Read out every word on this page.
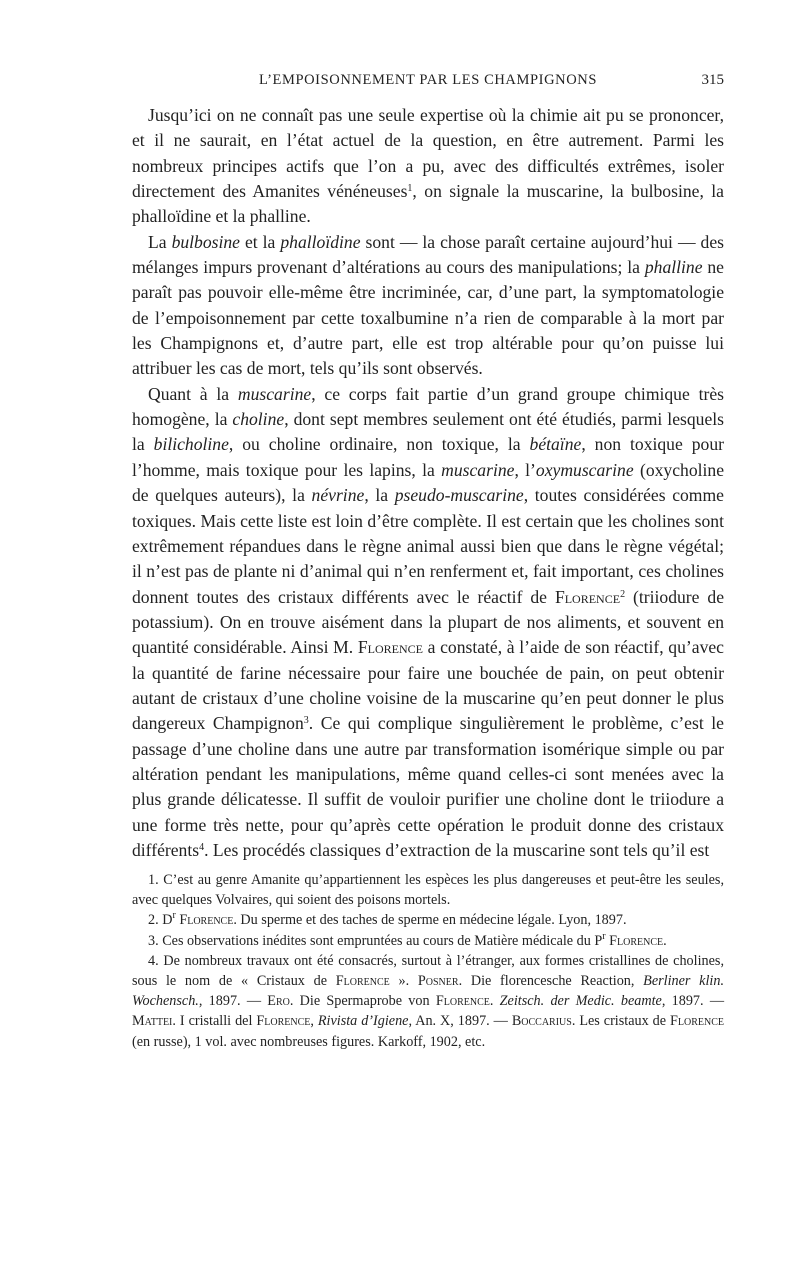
L’EMPOISONNEMENT PAR LES CHAMPIGNONS	315

Jusqu’ici on ne connaît pas une seule expertise où la chimie ait pu se prononcer, et il ne saurait, en l’état actuel de la question, en être autrement. Parmi les nombreux principes actifs que l’on a pu, avec des difficultés extrêmes, isoler directement des Amanites vénéneuses$^1$, on signale la muscarine, la bulbosine, la phalloïdine et la phalline.

La bulbosine et la phalloïdine sont — la chose paraît certaine aujourd’hui — des mélanges impurs provenant d’altérations au cours des manipulations; la phalline ne paraît pas pouvoir elle-même être incriminée, car, d’une part, la symptomatologie de l’empoisonnement par cette toxalbumine n’a rien de comparable à la mort par les Champignons et, d’autre part, elle est trop altérable pour qu’on puisse lui attribuer les cas de mort, tels qu’ils sont observés.

Quant à la muscarine, ce corps fait partie d’un grand groupe chimique très homogène, la choline, dont sept membres seulement ont été étudiés, parmi lesquels la bilicholine, ou choline ordinaire, non toxique, la bétaïne, non toxique pour l’homme, mais toxique pour les lapins, la muscarine, l’oxymuscarine (oxycholine de quelques auteurs), la névrine, la pseudo-muscarine, toutes considérées comme toxiques. Mais cette liste est loin d’être complète. Il est certain que les cholines sont extrêmement répandues dans le règne animal aussi bien que dans le règne végétal; il n’est pas de plante ni d’animal qui n’en renferment et, fait important, ces cholines donnent toutes des cristaux différents avec le réactif de Florence$^2$ (triiodure de potassium). On en trouve aisément dans la plupart de nos aliments, et souvent en quantité considérable. Ainsi M. Florence a constaté, à l’aide de son réactif, qu’avec la quantité de farine nécessaire pour faire une bouchée de pain, on peut obtenir autant de cristaux d’une choline voisine de la muscarine qu’en peut donner le plus dangereux Champignon$^3$. Ce qui complique singulièrement le problème, c’est le passage d’une choline dans une autre par transformation isomérique simple ou par altération pendant les manipulations, même quand celles-ci sont menées avec la plus grande délicatesse. Il suffit de vouloir purifier une choline dont le triiodure a une forme très nette, pour qu’après cette opération le produit donne des cristaux différents$^4$. Les procédés classiques d’extraction de la muscarine sont tels qu’il est

1. C’est au genre Amanite qu’appartiennent les espèces les plus dangereuses et peut-être les seules, avec quelques Volvaires, qui soient des poisons mortels.

2. $D^r$ Florence. Du sperme et des taches de sperme en médecine légale. Lyon, 1897.

3. Ces observations inédites sont empruntées au cours de Matière médicale du $P^r$ Florence.

4. De nombreux travaux ont été consacrés, surtout à l’étranger, aux formes cristallines de cholines, sous le nom de « Cristaux de Florence ». Posner. Die florencesche Reaction, Berliner klin. Wochensch., 1897. — Ero. Die Spermaprobe von Florence. Zeitsch. der Medic. beamte, 1897. — Mattei. I cristalli del Florence, Rivista d’Igiene, An. X, 1897. — Boccarius. Les cristaux de Florence (en russe), 1 vol. avec nombreuses figures. Karkoff, 1902, etc.
